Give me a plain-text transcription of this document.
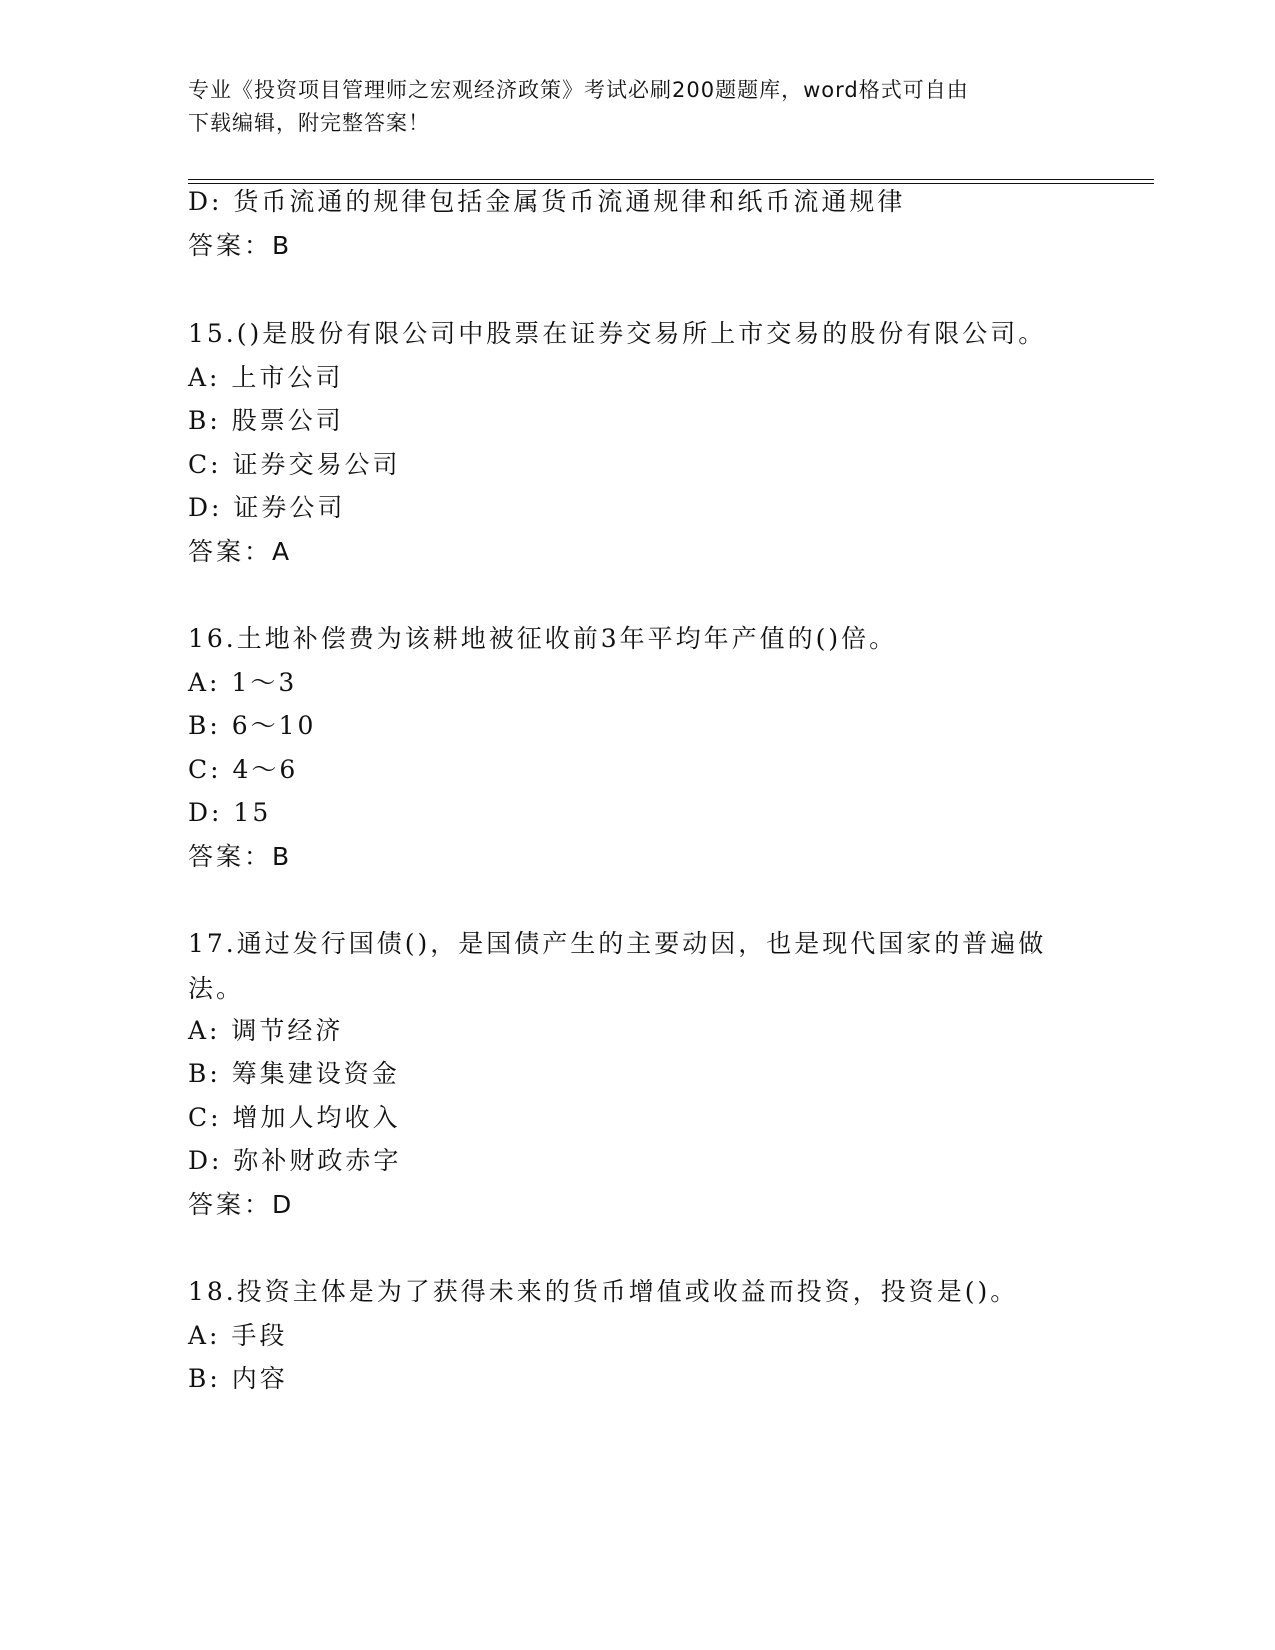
专业《投资项目管理师之宏观经济政策》考试必刷200题题库，word格式可自由
下载编辑，附完整答案！
D: 货币流通的规律包括金属货币流通规律和纸币流通规律
答案：B
15.()是股份有限公司中股票在证券交易所上市交易的股份有限公司。
A: 上市公司
B: 股票公司
C: 证券交易公司
D: 证券公司
答案：A
16.土地补偿费为该耕地被征收前3年平均年产值的()倍。
A: 1～3
B: 6～10
C: 4～6
D: 15
答案：B
17.通过发行国债()，是国债产生的主要动因，也是现代国家的普遍做法。
A: 调节经济
B: 筹集建设资金
C: 增加人均收入
D: 弥补财政赤字
答案：D
18.投资主体是为了获得未来的货币增值或收益而投资，投资是()。
A: 手段
B: 内容
